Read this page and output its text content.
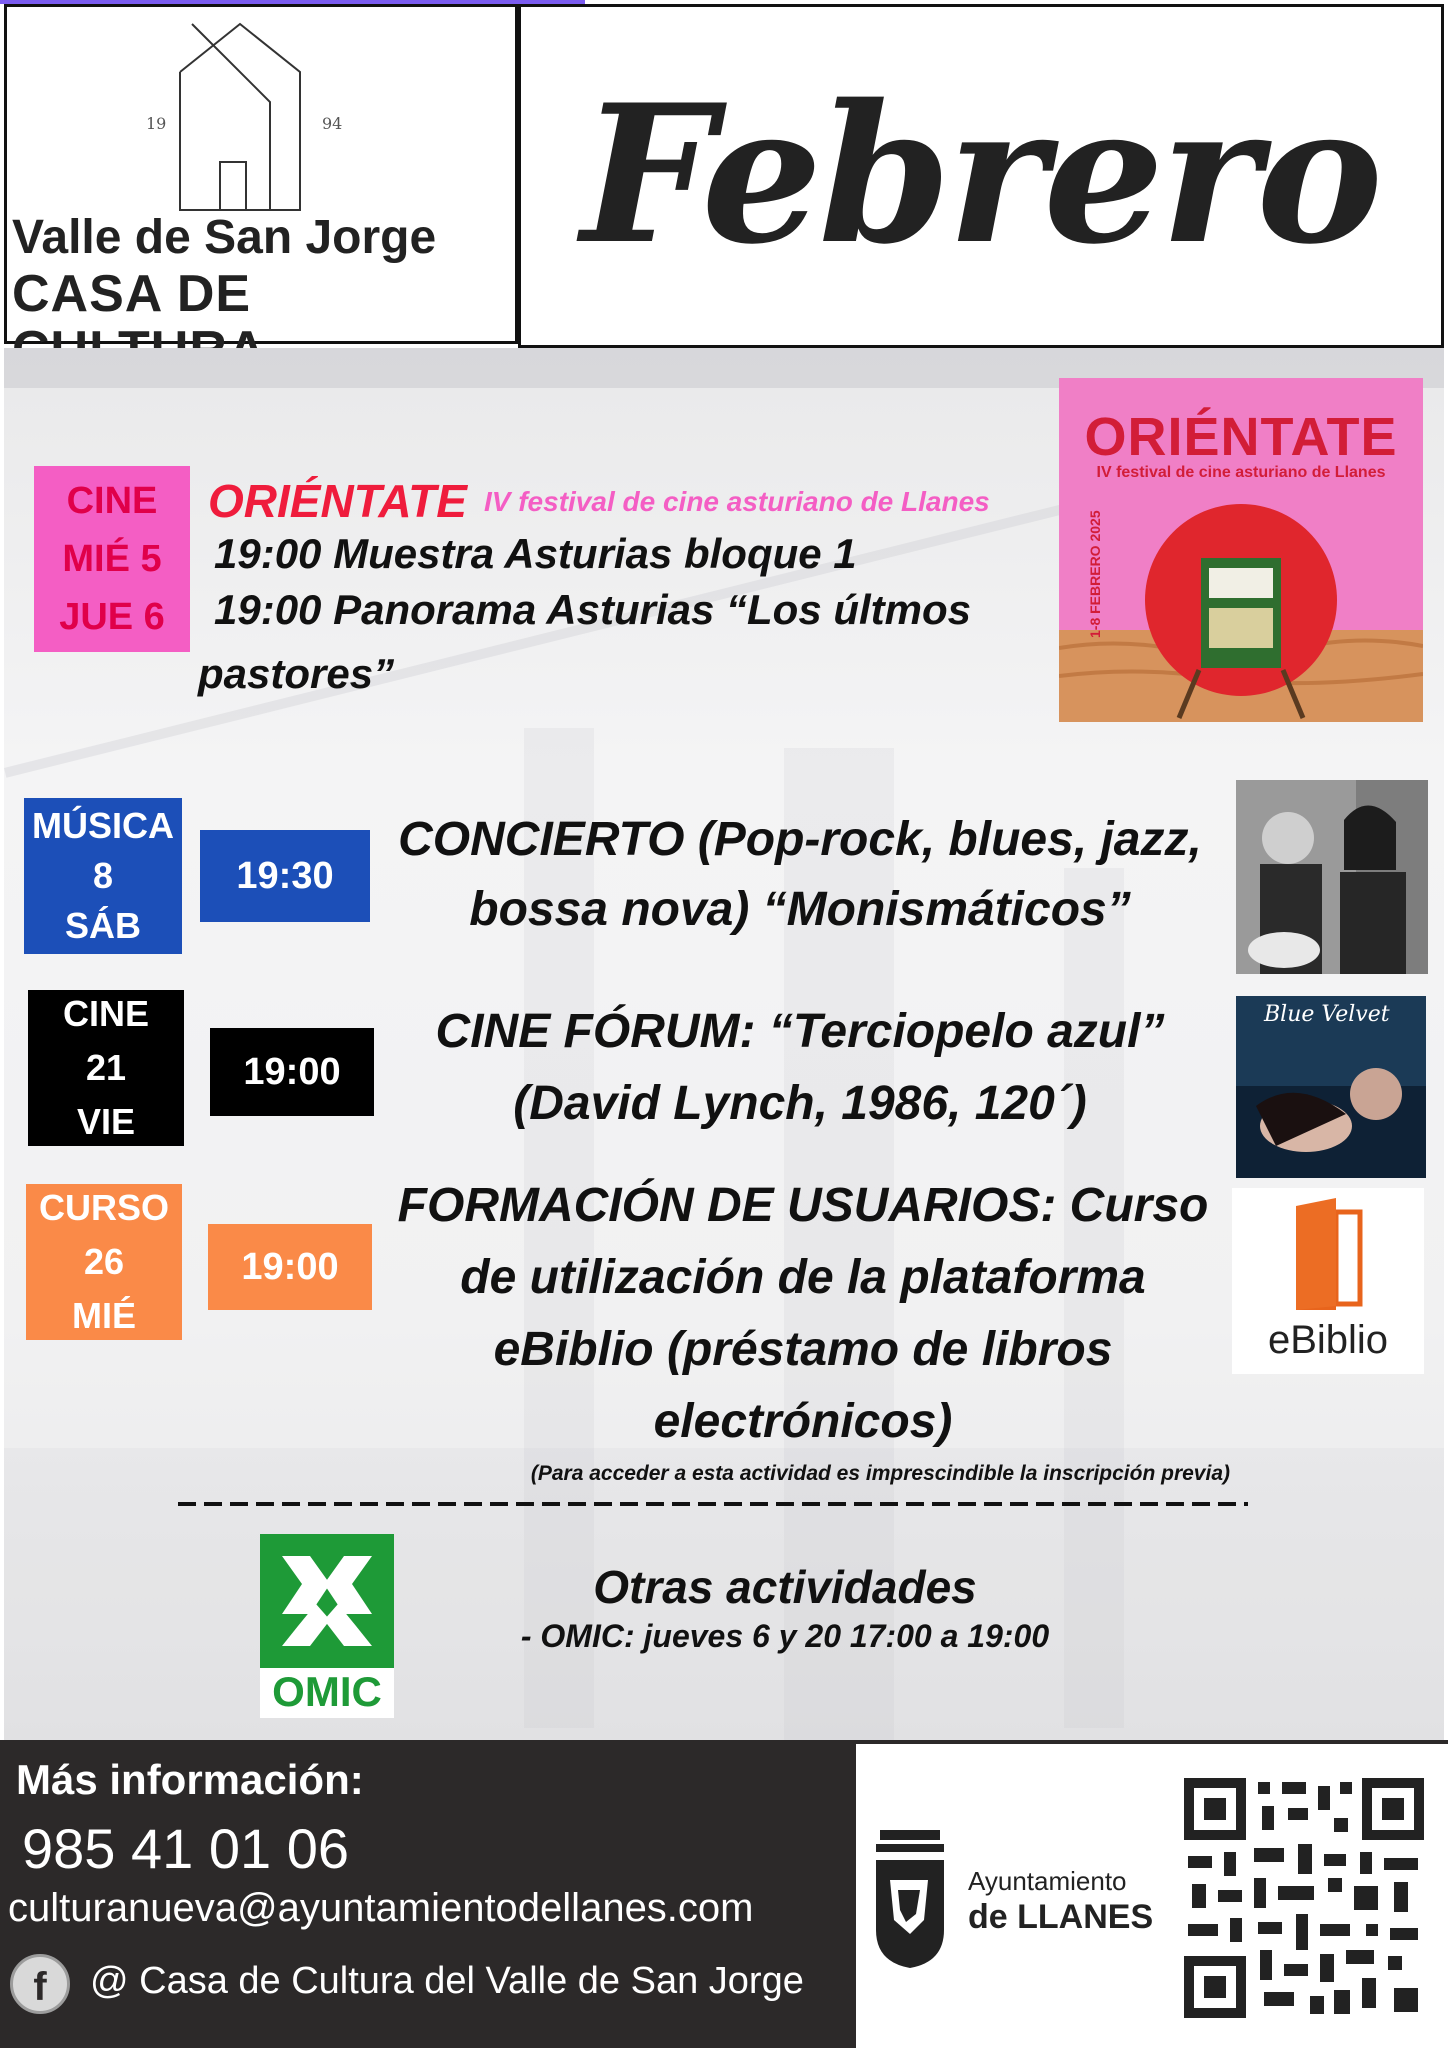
19	94
Valle de San Jorge
CASA DE
Febrero
CINE
MIÉ 5
JUE 6
ORIÉNTATE IV festival de cine asturiano de Llanes
19:00 Muestra Asturias bloque 1
19:00 Panorama Asturias “Los últmos
pastores”
ORIÉNTATE
IV festival de cine asturiano de Llanes
1-8 FEBRERO 2025
MÚSICA
8
SÁB
19:30
CONCIERTO (Pop-rock, blues, jazz,
bossa nova) “Monismáticos”
CINE
21
VIE
19:00
CINE FÓRUM: “Terciopelo azul”
(David Lynch, 1986, 120´)
Blue Velvet
CURSO
26
MIÉ
19:00
FORMACIÓN DE USUARIOS: Curso
de utilización de la plataforma
eBiblio (préstamo de libros
electrónicos)
(Para acceder a esta actividad es imprescindible la inscripción previa)
eBiblio
OMIC
Otras actividades
- OMIC: jueves 6 y 20 17:00 a 19:00
Más información:
985 41 01 06
culturanueva@ayuntamientodellanes.com
f	@ Casa de Cultura del Valle de San Jorge
Ayuntamiento
de LLANES
